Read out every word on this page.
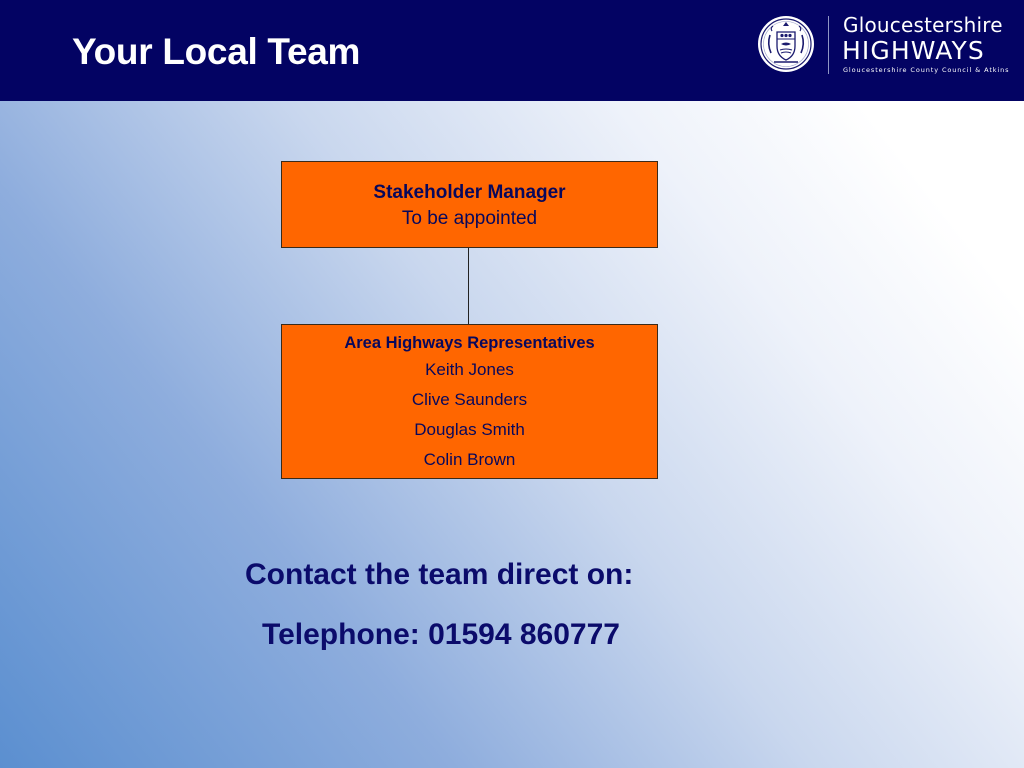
Your Local Team
Gloucestershire
HIGHWAYS
Gloucestershire County Council & Atkins
Stakeholder Manager
To be appointed
Area Highways Representatives
Keith Jones
Clive Saunders
Douglas Smith
Colin Brown
Contact the team direct on:
Telephone: 01594 860777
